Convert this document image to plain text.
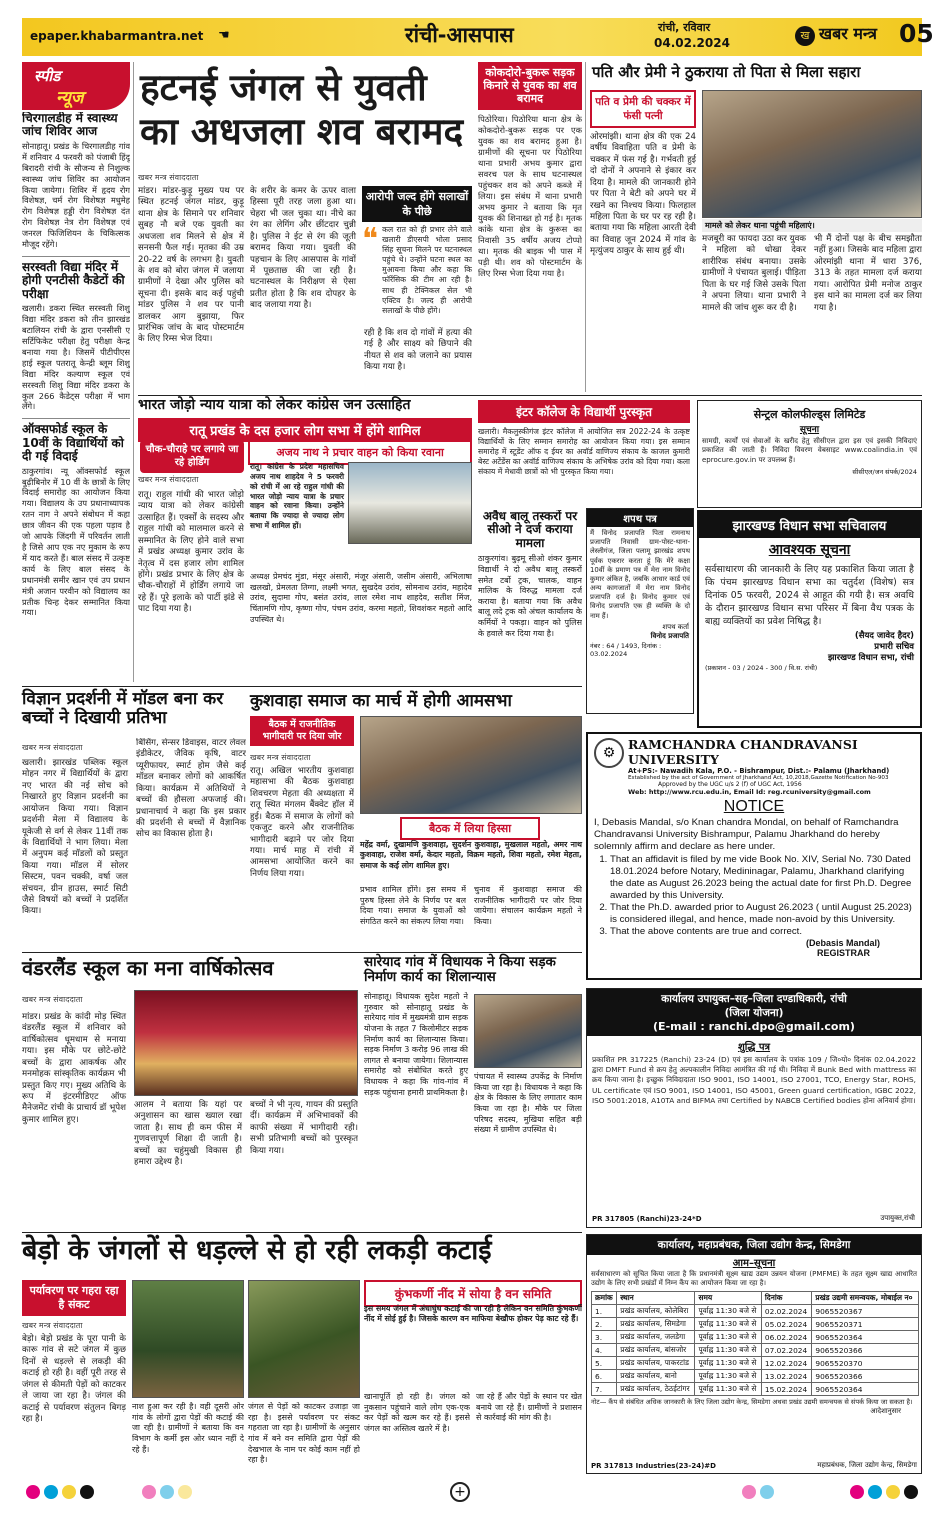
epaper.khabarmantra.net ☚	रांची-आसपास	रांची, रविवार
04.02.2024
ख खबर मन्त्र 05
स्पीड
न्यूज
चिरगालडीह में स्वास्थ्य जांच शिविर आज
सोनाहातू। प्रखंड के चिरगालडीह गांव में शनिवार 4 फरवरी को पंजाबी हिंदू बिरादरी रांची के सौजन्य से निशुल्क स्वास्थ्य जांच शिविर का आयोजन किया जायेगा। शिविर में हृदय रोग विशेषज्ञ, चर्म रोग विशेषज्ञ मधुमेह रोग विशेषज्ञ हड्डी रोग विशेषज्ञ दंत रोग विशेषज्ञ नेत्र रोग विशेषज्ञ एवं जनरल फिजिशियन के चिकित्सक मौजूद रहेंगे।
सरस्वती विद्या मंदिर में होगी एनटीसी कैडेटों की परीक्षा
खलारी। डकरा स्थित सरस्वती शिशु विद्या मंदिर डकरा को तीन झारखंड बटालियन रांची के द्वारा एनसीसी ए सर्टिफिकेट परीक्षा हेतु परीक्षा केन्द्र बनाया गया है। जिसमें पीटीपीएस हाई स्कूल पतरातू केन्द्री ब्लूम शिशु विद्या मंदिर कल्याण स्कूल एवं सरस्वती शिशु विद्या मंदिर डकरा के कुल 266 कैडेट्स परीक्षा में भाग लेंगे।
ऑक्सफोर्ड स्कूल के 10वीं के विद्यार्थियों को दी गई विदाई
ठाकुरगांव। न्यू ऑक्सफोर्ड स्कूल बुढ़ीबिनोर में 10 वीं के छात्रों के लिए विदाई समारोह का आयोजन किया गया। विद्यालय के उप प्रधानाध्यापक रतन नाग ने अपने संबोधन में कहा छात्र जीवन की एक पहला पड़ाव है जो आपके जिंदगी में परिवर्तन लाती है जिसे आप एक नए मुकाम के रूप में याद करते हैं। बाल संसद में उत्कृष्ट कार्य के लिए बाल संसद के प्रधानमंत्री समीर खान एवं उप प्रधान मंत्री अजान परवीन को विद्यालय का प्रतीक चिन्ह देकर सम्मानित किया गया।
हटनई जंगल से युवती का अधजला शव बरामद
खबर मन्त्र संवाददाता
मांडर। मांडर-कुड़ू मुख्य पथ पर स्थित हटनई जंगल मांडर, कुड़ू थाना क्षेत्र के सिमाने पर शनिवार सुबह नौ बजे एक युवती का अधजला शव मिलने से क्षेत्र में सनसनी फैल गई। मृतका की उम्र 20-22 वर्ष के लगभग है। युवती के शव को बोरा जंगल में जलाया ग्रामीणों ने देखा और पुलिस को सूचना दी। इसके बाद कई पहुंची मांडर पुलिस ने शव पर पानी डालकर आग बुझाया, फिर प्रारंभिक जांच के बाद पोस्टमार्टम के लिए रिम्स भेज दिया।
के शरीर के कमर के ऊपर वाला हिस्सा पूरी तरह जला हुआ था। चेहरा भी जल चुका था। नीचे का रंग का लेगिंग और छींटदार चुन्नी है। पुलिस ने ईट से रंग की जूती बरामद किया गया। युवती की पहचान के लिए आसपास के गांवों में पूछताछ की जा रही है। घटनास्थल के निरीक्षण से ऐसा प्रतीत होता है कि शव दोपहर के बाद जलाया गया है।
आरोपी जल्द होंगे सलाखों के पीछे
❝ कल रात को ही प्रभार लेने वाले खलारी डीएसपी भोला प्रसाद सिंह सूचना मिलने पर घटनास्थल पहुंचे थे। उन्होंने घटना स्थल का मुआयना किया और कहा कि फॉरेंसिक की टीम आ रही है। साथ ही टेक्निकल सेल भी एक्टिव है। जल्द ही आरोपी सलाखों के पीछे होंगे।
रही है कि शव दो गांवों में हत्या की गई है और साक्ष्य को छिपाने की नीयत से शव को जलाने का प्रयास किया गया है।
कोकदोरो-बुकरू सड़क किनारे से युवक का शव बरामद
पिठोरिया। पिठोरिया थाना क्षेत्र के कोकदोरो-बुकरू सड़क पर एक युवक का शव बरामद हुआ है। ग्रामीणों की सूचना पर पिठोरिया थाना प्रभारी अभय कुमार द्वारा सवरच पल के साथ घटनास्थल पहुंचकर शव को अपने कब्जे में लिया। इस संबंध में थाना प्रभारी अभय कुमार ने बताया कि मृत युवक की शिनाख्त हो गई है। मृतक कांके थाना क्षेत्र के कुरूस का निवासी 35 वर्षीय अजय टोप्पो था। मृतक की बाइक भी पास में पड़ी थी। शव को पोस्टमार्टम के लिए रिम्स भेजा दिया गया है।
पति और प्रेमी ने ठुकराया तो पिता से मिला सहारा
पति व प्रेमी की चक्कर में फंसी पत्नी
ओरमांझी। थाना क्षेत्र की एक 24 वर्षीय विवाहिता पति व प्रेमी के चक्कर में फंस गई है। गर्भवती हुई दो दोनों ने अपनाने से इंकार कर दिया है। मामले की जानकारी होने पर पिता ने बेटी को अपने घर में रखने का निश्चय किया। फिलहाल महिला पिता के घर पर रह रही है। बताया गया कि महिला आरती देवी का विवाह जून 2024 में गांव के मृत्युंजय ठाकुर के साथ हुई थी।
मामले को लेकर थाना पहुंची महिलाएं।
मजबूरी का फायदा उठा कर युवक ने महिला को धोखा देकर शारीरिक संबंध बनाया। उसके ग्रामीणों ने पंचायत बुलाई। पीड़िता पिता के घर गई जिसे उसके पिता ने अपना लिया। थाना प्रभारी ने मामले की जांच शुरू कर दी है।
भी मैं दोनों पक्ष के बीच समझौता नहीं हुआ। जिसके बाद महिला द्वारा ओरमांझी थाना में धारा 376, 313 के तहत मामला दर्ज कराया गया। आरोपित प्रेमी मनोज ठाकुर इस थाने का मामला दर्ज कर लिया गया है।
भारत जोड़ो न्याय यात्रा को लेकर कांग्रेस जन उत्साहित
रातू प्रखंड के दस हजार लोग सभा में होंगे शामिल
चौक-चौराहे पर लगाये जा रहे होर्डिंग
अजय नाथ ने प्रचार वाहन को किया रवाना
खबर मन्त्र संवाददाता
रातू। राहुल गांधी की भारत जोड़ो न्याय यात्रा को लेकर कांग्रेसी उत्साहित हैं। एर्क्सों के सदस्य और राहुल गांधी को मालमाल करने से सम्मानित के लिए होने वाले सभा में प्रखंड अध्यक्ष कुमार उरांव के नेतृत्व में दस हजार लोग शामिल होंगे। प्रखंड प्रभार के लिए क्षेत्र के चौक-चौराहों में होर्डिंग लगाये जा रहे हैं। पूरे इलाके को पार्टी झंडे से पाट दिया गया है।
रातू। कांग्रेस के प्रदेश महासचिव अजय नाथ शाहदेव ने 5 फरवरी को रांची में आ रहे राहुल गांधी की भारत जोड़ो न्याय यात्रा के प्रचार वाहन को रवाना किया। उन्होंने बताया कि ज्यादा से ज्यादा लोग सभा में शामिल हों।
अध्यक्ष प्रेमचंद मुंडा, मंसूर अंसारी, मंजूर अंसारी, जसीम अंसारी, अभिलाषा खलखो, प्रेमलता तिग्गा, लक्ष्मी भगत, सुखदेव उरांव, सोमनाथ उरांव, महादेव उरांव, सुदामा गोप, बसंत उरांव, लाल रमेश नाथ शाहदेव, सतीश मिंज, चिंतामणि गोप, कृष्णा गोप, पंचम उरांव, करमा महतो, शिवशंकर महतो आदि उपस्थित थे।
इंटर कॉलेज के विद्यार्थी पुरस्कृत
खलारी। मैकलुस्कीगंज इंटर कॉलेज में आयोजित सत्र 2022-24 के उत्कृष्ट विद्यार्थियों के लिए सम्मान समारोह का आयोजन किया गया। इस सम्मान समारोह में स्टूडेंट ऑफ द ईयर का अवॉर्ड वाणिज्य संकाय के काजल कुमारी बेस्ट अटेंडेंस का अवॉर्ड वाणिज्य संकाय के अभिषेक उरांव को दिया गया। कला संकाय में मेधावी छात्रों को भी पुरस्कृत किया गया।
सेन्ट्रल कोलफील्ड्स लिमिटेड
सूचना
सामग्री, कार्यों एवं सेवाओं के खरीद हेतु सीसीएल द्वारा इस एवं इसकी निविदाएं प्रकाशित की जाती हैं। निविदा विवरण वेबसाइट www.coalindia.in एवं eprocure.gov.in पर उपलब्ध हैं।
सीसीएल/जन संपर्क/2024
अवैध बालू तस्करों पर सीओ ने दर्ज कराया मामला
ठाकुरगांव। बुढ़मू सीओ शंकर कुमार विद्यार्थी ने दो अवैध बालू तस्करों समेत टर्बो ट्रक, चालक, वाहन मालिक के विरुद्ध मामला दर्ज कराया है। बताया गया कि अवैध बालू लदे ट्रक को अंचल कार्यालय के कर्मियों ने पकड़ा। वाहन को पुलिस के हवाले कर दिया गया है।
शपथ पत्र
मैं विनोद प्रजापति पिता रामनाथ प्रजापति निवासी ग्राम-पोस्ट-थाना-लेस्लीगंज, जिला पलामू झारखंड शपथ पूर्वक एकरार करता हूं कि मेरे कक्षा 10वीं के प्रमाण पत्र में मेरा नाम विनोद कुमार अंकित है, जबकि आधार कार्ड एवं अन्य कागजातों में मेरा नाम विनोद प्रजापति दर्ज है। विनोद कुमार एवं विनोद प्रजापति एक ही व्यक्ति के दो नाम हैं।
शपथ कर्ता
विनोद प्रजापति
नंबर : 64 / 1493, दिनांक : 03.02.2024
झारखण्ड विधान सभा सचिवालय
आवश्यक सूचना
सर्वसाधारण की जानकारी के लिए यह प्रकाशित किया जाता है कि पंचम झारखण्ड विधान सभा का चतुर्दश (विशेष) सत्र दिनांक 05 फरवरी, 2024 से आहूत की गयी है। सत्र अवधि के दौरान झारखण्ड विधान सभा परिसर में बिना वैध पत्रक के बाह्य व्यक्तियों का प्रवेश निषिद्ध है।
(सैयद जावेद हैदर)
प्रभारी सचिव
झारखण्ड विधान सभा, रांची
(प्रकाशन - 03 / 2024 - 300 / वि.स. रांची)
विज्ञान प्रदर्शनी में मॉडल बना कर बच्चों ने दिखायी प्रतिभा
खबर मन्त्र संवाददाता
खलारी। झारखंड पब्लिक स्कूल मोहन नगर में विद्यार्थियों के द्वारा नए भारत की नई सोच को निखारते हुए विज्ञान प्रदर्शनी का आयोजन किया गया। विज्ञान प्रदर्शनी मेला में विद्यालय के यूकेजी से वर्ग से लेकर 11वीं तक के विद्यार्थियों ने भाग लिया। मेला में अनुपम कई मॉडलों को प्रस्तुत किया गया। मॉडल में सोलर सिस्टम, पवन चक्की, वर्षा जल संचयन, ग्रीन हाउस, स्मार्ट सिटी जैसे विषयों को बच्चों ने प्रदर्शित किया।
बिंसिंग, सेन्सर डिवाइस, वाटर लेवल इंडीकेटर, जैविक कृषि, वाटर प्यूरीफायर, स्मार्ट होम जैसे कई मॉडल बनाकर लोगों को आकर्षित किया। कार्यक्रम में अतिथियों ने बच्चों की हौसला अफजाई की। प्रधानाचार्य ने कहा कि इस प्रकार की प्रदर्शनी से बच्चों में वैज्ञानिक सोच का विकास होता है।
कुशवाहा समाज का मार्च में होगी आमसभा
बैठक में राजनीतिक भागीदारी पर दिया जोर
खबर मन्त्र संवाददाता
रातू। अखिल भारतीय कुशवाहा महासभा की बैठक कुशवाहा शिवचरण मेहता की अध्यक्षता में रातू स्थित मंगलम बैंक्वेट हॉल में हुई। बैठक में समाज के लोगों को एकजुट करने और राजनीतिक भागीदारी बढ़ाने पर जोर दिया गया। मार्च माह में रांची में आमसभा आयोजित करने का निर्णय लिया गया।
बैठक में लिया हिस्सा
महेंद्र वर्मा, दुखामणि कुशवाहा, सुदर्शन कुशवाहा, मुखलाल महतो, अमर नाथ कुशवाहा, राजेश वर्मा, केदार महतो, विक्रम महतो, शिवा महतो, रमेश मेहता, समाज के कई लोग शामिल हुए।
प्रभाव शामिल होंगे। इस समय में पुरुष हिस्सा लेने के निर्णय पर बल दिया गया। समाज के युवाओं को संगठित करने का संकल्प लिया गया।
चुनाव में कुशवाहा समाज की राजनीतिक भागीदारी पर जोर दिया जायेगा। संचालन कार्यक्रम महतो ने किया।
⚙
RAMCHANDRA CHANDRAVANSI UNIVERSITY
At+PS:- Nawadih Kala, P.O. - Bishrampur, Dist.:- Palamu (Jharkhand)
Established by the act of Government of Jharkhand Act, 10,2018,Gazette Notification No-903
Approved by the UGC u/s 2 (f) of UGC Act, 1956
Web: http://www.rcu.edu.in, Email Id: reg.rcuniversity@gmail.com
NOTICE
I, Debasis Mandal, s/o Knan chandra Mondal, on behalf of Ramchandra Chandravansi University Bishrampur, Palamu Jharkhand do hereby solemnly affirm and declare as here under.
1. That an affidavit is filed by me vide Book No. XIV, Serial No. 730 Dated 18.01.2024 before Notary, Medininagar, Palamu, Jharkhand clarifying the date as August 26.2023 being the actual date for first Ph.D. Degree awarded by this University.
2. That the Ph.D. awarded prior to August 26.2023 ( until August 25.2023) is considered illegal, and hence, made non-avoid by this University.
3. That the above contents are true and correct.
(Debasis Mandal)
REGISTRAR
वंडरलैंड स्कूल का मना वार्षिकोत्सव
खबर मन्त्र संवाददाता
मांडर। प्रखंड के कांदी मोड़ स्थित वंडरलैंड स्कूल में शनिवार को वार्षिकोत्सव धूमधाम से मनाया गया। इस मौके पर छोटे-छोटे बच्चों के द्वारा आकर्षक और मनमोहक सांस्कृतिक कार्यक्रम भी प्रस्तुत किए गए। मुख्य अतिथि के रूप में इंटरमीडिएट ऑफ मैनेजमेंट रांची के प्राचार्य डॉ भूपेश कुमार शामिल हुए।
आलम ने बताया कि यहां पर अनुशासन का खास ख्याल रखा जाता है। साथ ही कम फीस में गुणवत्तापूर्ण शिक्षा दी जाती है। बच्चों का चहुंमुखी विकास ही हमारा उद्देश्य है।
बच्चों ने भी नृत्य, गायन की प्रस्तुति दीं। कार्यक्रम में अभिभावकों की काफी संख्या में भागीदारी रही। सभी प्रतिभागी बच्चों को पुरस्कृत किया गया।
सारेयाद गांव में विधायक ने किया सड़क निर्माण कार्य का शिलान्यास
सोनाहातू। विधायक सुदेश महतो ने गुरुवार को सोनाहातू प्रखंड के सारेयाद गांव में मुख्यमंत्री ग्राम सड़क योजना के तहत 7 किलोमीटर सड़क निर्माण कार्य का शिलान्यास किया। सड़क निर्माण 3 करोड़ 96 लाख की लागत से बनाया जायेगा। शिलान्यास समारोह को संबोधित करते हुए विधायक ने कहा कि गांव-गांव में सड़क पहुंचाना हमारी प्राथमिकता है।
पंचायत में स्वास्थ्य उपकेंद्र के निर्माण किया जा रहा है। विधायक ने कहा कि क्षेत्र के विकास के लिए लगातार काम किया जा रहा है। मौके पर जिला परिषद सदस्य, मुखिया सहित बड़ी संख्या में ग्रामीण उपस्थित थे।
कार्यालय उपायुक्त–सह–जिला दण्डाधिकारी, रांची
(जिला योजना)
(E-mail : ranchi.dpo@gmail.com)
शुद्धि पत्र
प्रकाशित PR 317225 (Ranchi) 23-24 (D) एवं इस कार्यालय के पत्रांक 109 / जि०यो० दिनांक 02.04.2022 द्वारा DMFT Fund से क्रय हेतु अल्पकालीन निविदा आमंत्रित की गई थी। निविदा में Bunk Bed with mattress का क्रय किया जाना है। इच्छुक निविदादाता ISO 9001, ISO 14001, ISO 27001, TCO, Energy Star, ROHS, UL certificate एवं ISO 9001, ISO 14001, ISO 45001, Green guard certification, IGBC 2022, ISO 5001:2018, A10TA and BIFMA तथा Certified by NABCB Certified bodies होना अनिवार्य होगा।
PR 317805 (Ranchi)23-24*D	उपायुक्त,रांची
बेड़ो के जंगलों से धड़ल्ले से हो रही लकड़ी कटाई
पर्यावरण पर गहरा रहा है संकट
खबर मन्त्र संवाददाता
बेड़ो। बेड़ो प्रखंड के पूरा पानी के कारू गांव से सटे जंगल में कुछ दिनों से धड़ल्ले से लकड़ी की कटाई हो रही है। वहीं पूरी तरह से जंगल से कीमती पेड़ों को काटकर ले जाया जा रहा है। जंगल की कटाई से पर्यावरण संतुलन बिगड़ रहा है।
कुंभकर्णी नींद में सोया है वन समिति
इस समय जंगल में अंधाधुंध कटाई की जा रही है लेकिन वन समिति कुंभकर्णी नींद में सोई हुई है। जिसके कारण वन माफिया बेखौफ होकर पेड़ काट रहे हैं।
नाश हुआ कर रही है। वही दूसरी ओर गांव के लोगों द्वारा पेड़ों की कटाई की जा रही है। ग्रामीणों ने बताया कि वन विभाग के कर्मी इस ओर ध्यान नहीं दे रहे हैं।
जंगल से पेड़ों को काटकर उजाड़ा जा रहा है। इससे पर्यावरण पर संकट गहराता जा रहा है। ग्रामीणों के अनुसार गांव में बने वन समिति द्वारा पेड़ों की देखभाल के नाम पर कोई काम नहीं हो रहा है।
खानापूर्ति हो रही है। जंगल को नुकसान पहुंचाने वाले लोग एक-एक कर पेड़ों को खत्म कर रहे हैं। इससे जंगल का अस्तित्व खतरे में है।
जा रहे हैं और पेड़ों के स्थान पर खेत बनाये जा रहे हैं। ग्रामीणों ने प्रशासन से कार्रवाई की मांग की है।
कार्यालय, महाप्रबंधक, जिला उद्योग केन्द्र, सिमडेगा
आम–सूचना
सर्वसाधारण को सूचित किया जाता है कि प्रधानमंत्री सूक्ष्म खाद्य उद्यम उन्नयन योजना (PMFME) के तहत सूक्ष्म खाद्य आधारित उद्योग के लिए सभी प्रखंडों में निम्न कैंप का आयोजन किया जा रहा है।
क्रमांक	स्थान	समय	दिनांक	प्रखंड उद्यमी समन्वयक, मोबाईल न०
1.	प्रखंड कार्यालय, कोलेबिरा	पूर्वाह्न 11:30 बजे से	02.02.2024	9065520367
2.	प्रखंड कार्यालय, सिमडेगा	पूर्वाह्न 11:30 बजे से	05.02.2024	9065520371
3.	प्रखंड कार्यालय, जलडेगा	पूर्वाह्न 11:30 बजे से	06.02.2024	9065520364
4.	प्रखंड कार्यालय, बांसजोर	पूर्वाह्न 11:30 बजे से	07.02.2024	9065520366
5.	प्रखंड कार्यालय, पाकरटांड	पूर्वाह्न 11:30 बजे से	12.02.2024	9065520370
6.	प्रखंड कार्यालय, बानो	पूर्वाह्न 11:30 बजे से	13.02.2024	9065520366
7.	प्रखंड कार्यालय, ठेठईटांगर	पूर्वाह्न 11:30 बजे से	15.02.2024	9065520364
नोट— कैंप से संबंधित अधिक जानकारी के लिए जिला उद्योग केन्द्र, सिमडेगा अथवा प्रखंड उद्यमी समन्वयक से संपर्क किया जा सकता है।
आदेशानुसार
PR 317813 Industries(23-24)#D	महाप्रबंधक, जिला उद्योग केन्द्र, सिमडेगा
+
